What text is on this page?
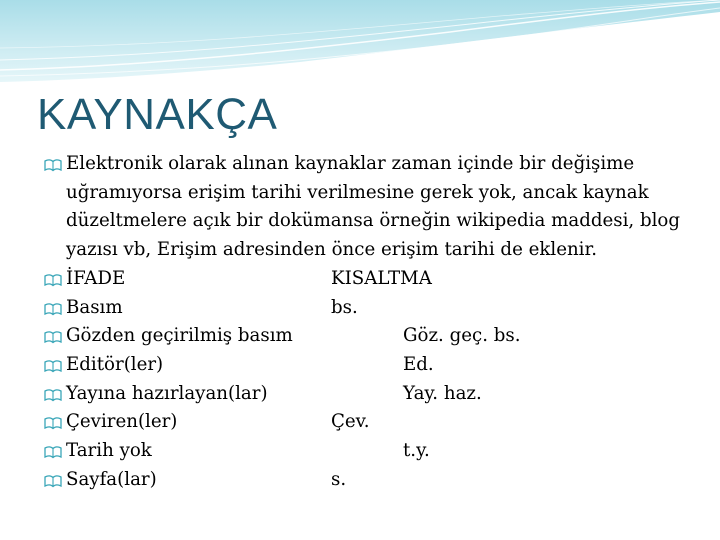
KAYNAKÇA
Elektronik olarak alınan kaynaklar zaman içinde bir değişime uğramıyorsa erişim tarihi verilmesine gerek yok, ancak kaynak düzeltmelere açık bir dokümansa örneğin wikipedia maddesi, blog yazısı vb, Erişim adresinden önce erişim tarihi de eklenir.
İFADE	KISALTMA
Basım	bs.
Gözden geçirilmiş basım	Göz. geç. bs.
Editör(ler)	Ed.
Yayına hazırlayan(lar)	Yay. haz.
Çeviren(ler)	Çev.
Tarih yok	t.y.
Sayfa(lar)	s.
